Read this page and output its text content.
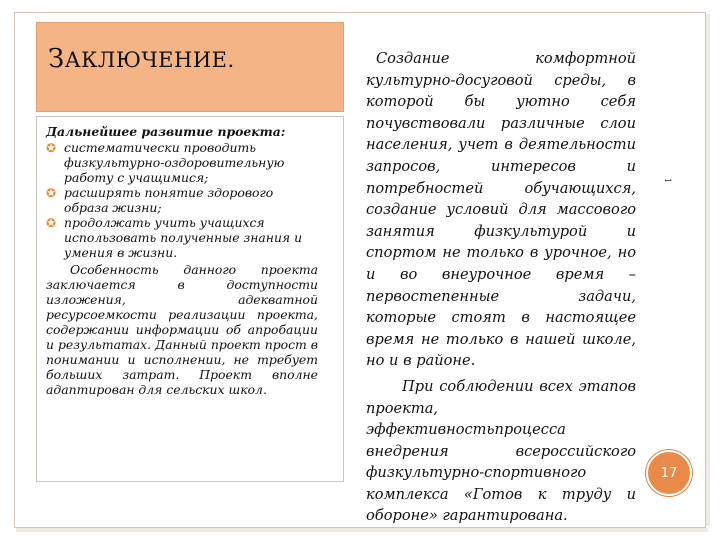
ЗАКЛЮЧЕНИЕ.
Дальнейшее развитие проекта:

✪ систематически проводить физкультурно-оздоровительную работу с учащимися;

✪ расширять понятие здорового образа жизни;

✪ продолжать учить учащихся использовать полученные знания и умения в жизни.

Особенность данного проекта заключается в доступности изложения, адекватной ресурсоемкости реализации проекта, содержании информации об апробации и результатах. Данный проект прост в понимании и исполнении, не требует больших затрат. Проект вполне адаптирован для сельских школ.

Создание комфортной культурно-досуговой среды, в которой бы уютно себя почувствовали различные слои населения, учет в деятельности запросов, интересов и потребностей обучающихся, создание условий для массового занятия физкультурой и спортом не только в урочное, но и во внеурочное время – первостепенные задачи, которые стоят в настоящее время не только в нашей школе, но и в районе.

При соблюдении всех этапов проекта, эффективностьпроцесса внедрения всероссийского физкультурно-спортивного комплекса «Готов к труду и обороне» гарантирована.

1
17
